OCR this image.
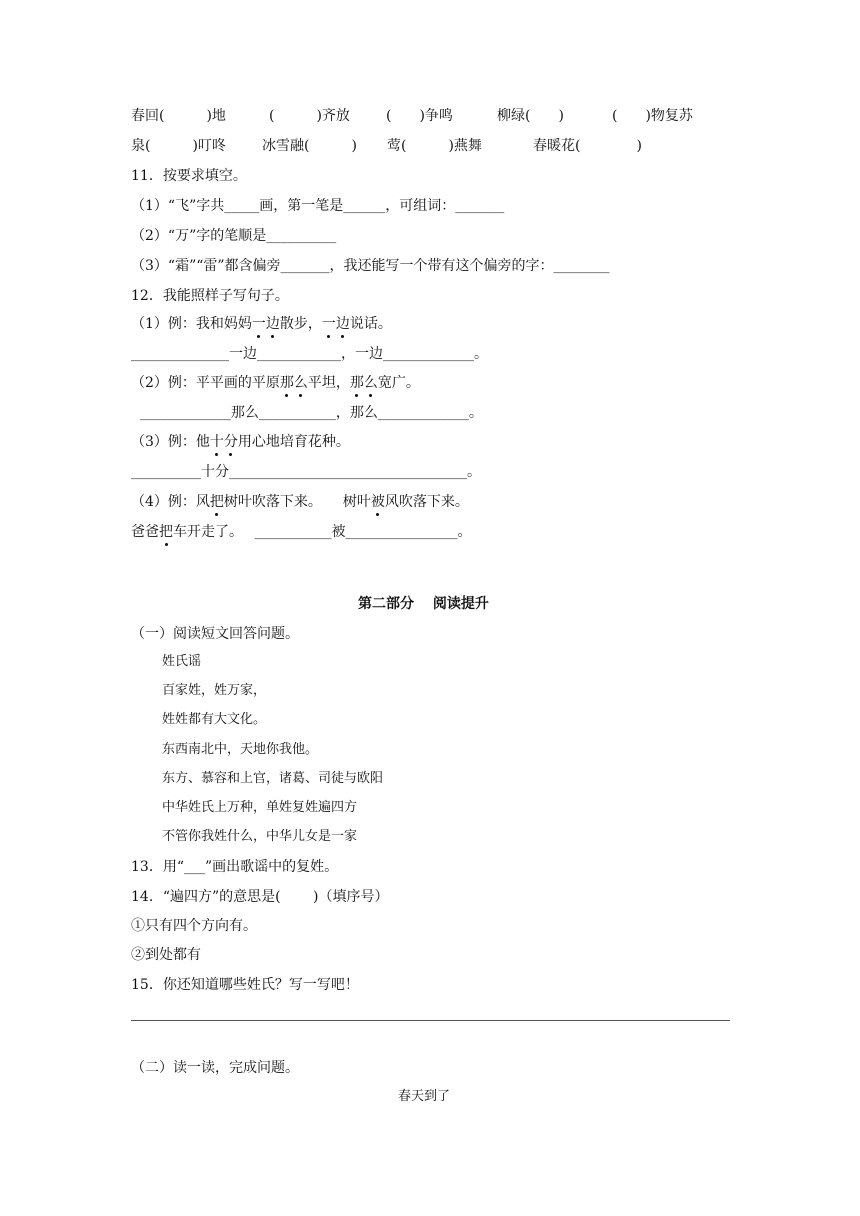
春回(　　　)地	(　　　)齐放	(　　)争鸣	柳绿(　　)	(　　)物复苏
泉(　　　)叮咚	冰雪融(　　　) 莺(　　　)燕舞	春暖花(　　　　)
11．按要求填空。
（1）“飞”字共_____画，第一笔是______，可组词：_______
（2）“万”字的笔顺是__________
（3）“霜”“雷”都含偏旁_______，我还能写一个带有这个偏旁的字：________
12．我能照样子写句子。
（1）例：我和妈妈一边散步，一边说话。
______________一边____________，一边_____________。
（2）例：平平画的平原那么平坦，那么宽广。
_____________那么___________，那么_____________。
（3）例：他十分用心地培育花种。
__________十分__________________________________。
（4）例：风把树叶吹落下来。　　树叶被风吹落下来。
爸爸把车开走了。　 ___________被________________。
第二部分　 阅读提升
（一）阅读短文回答问题。
姓氏谣
百家姓，姓万家，
姓姓都有大文化。
东西南北中，天地你我他。
东方、慕容和上官，诸葛、司徒与欧阳
中华姓氏上万种，单姓复姓遍四方
不管你我姓什么，中华儿女是一家
13．用“___”画出歌谣中的复姓。
14．“遍四方”的意思是(　　 )（填序号）
①只有四个方向有。
②到处都有
15．你还知道哪些姓氏？写一写吧！
（二）读一读，完成问题。
春天到了
